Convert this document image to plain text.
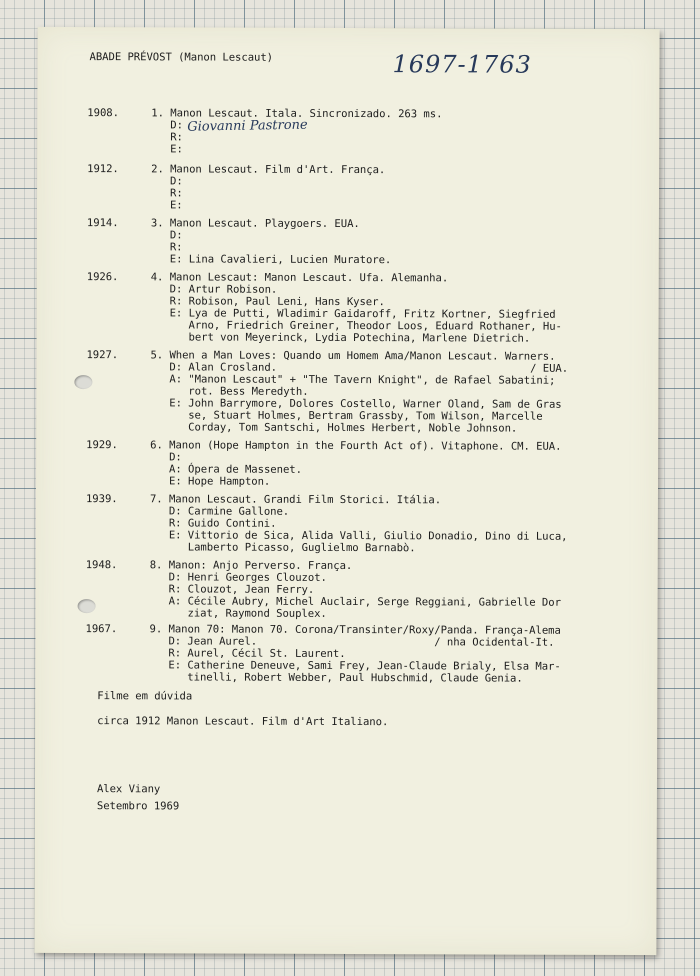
ABADE PRÉVOST (Manon Lescaut)	1697-1763
1908.	1. Manon Lescaut. Itala. Sincronizado. 263 ms.
D:
R:
E:
Giovanni Pastrone
1912.	2. Manon Lescaut. Film d'Art. França.
D:
R:
E:
1914.	3. Manon Lescaut. Playgoers. EUA.
D:
R:
E: Lina Cavalieri, Lucien Muratore.
1926.	4. Manon Lescaut: Manon Lescaut. Ufa. Alemanha.
D: Artur Robison.
R: Robison, Paul Leni, Hans Kyser.
E: Lya de Putti, Wladimir Gaidaroff, Fritz Kortner, Siegfried
Arno, Friedrich Greiner, Theodor Loos, Eduard Rothaner, Hu-
bert von Meyerinck, Lydia Potechina, Marlene Dietrich.
1927.	5. When a Man Loves: Quando um Homem Ama/Manon Lescaut. Warners.
D: Alan Crosland.                                        / EUA.
A: "Manon Lescaut" + "The Tavern Knight", de Rafael Sabatini;
rot. Bess Meredyth.
E: John Barrymore, Dolores Costello, Warner Oland, Sam de Gras
se, Stuart Holmes, Bertram Grassby, Tom Wilson, Marcelle
Corday, Tom Santschi, Holmes Herbert, Noble Johnson.
1929.	6. Manon (Hope Hampton in the Fourth Act of). Vitaphone. CM. EUA.
D:
A: Ópera de Massenet.
E: Hope Hampton.
1939.	7. Manon Lescaut. Grandi Film Storici. Itália.
D: Carmine Gallone.
R: Guido Contini.
E: Vittorio de Sica, Alida Valli, Giulio Donadio, Dino di Luca,
Lamberto Picasso, Guglielmo Barnabò.
1948.	8. Manon: Anjo Perverso. França.
D: Henri Georges Clouzot.
R: Clouzot, Jean Ferry.
A: Cécile Aubry, Michel Auclair, Serge Reggiani, Gabrielle Dor
ziat, Raymond Souplex.
1967.	9. Manon 70: Manon 70. Corona/Transinter/Roxy/Panda. França-Alema
D: Jean Aurel.                            / nha Ocidental-It.
R: Aurel, Cécil St. Laurent.
E: Catherine Deneuve, Sami Frey, Jean-Claude Brialy, Elsa Mar-
tinelli, Robert Webber, Paul Hubschmid, Claude Genia.
Filme em dúvida
circa 1912 Manon Lescaut. Film d'Art Italiano.
Alex Viany
Setembro 1969
